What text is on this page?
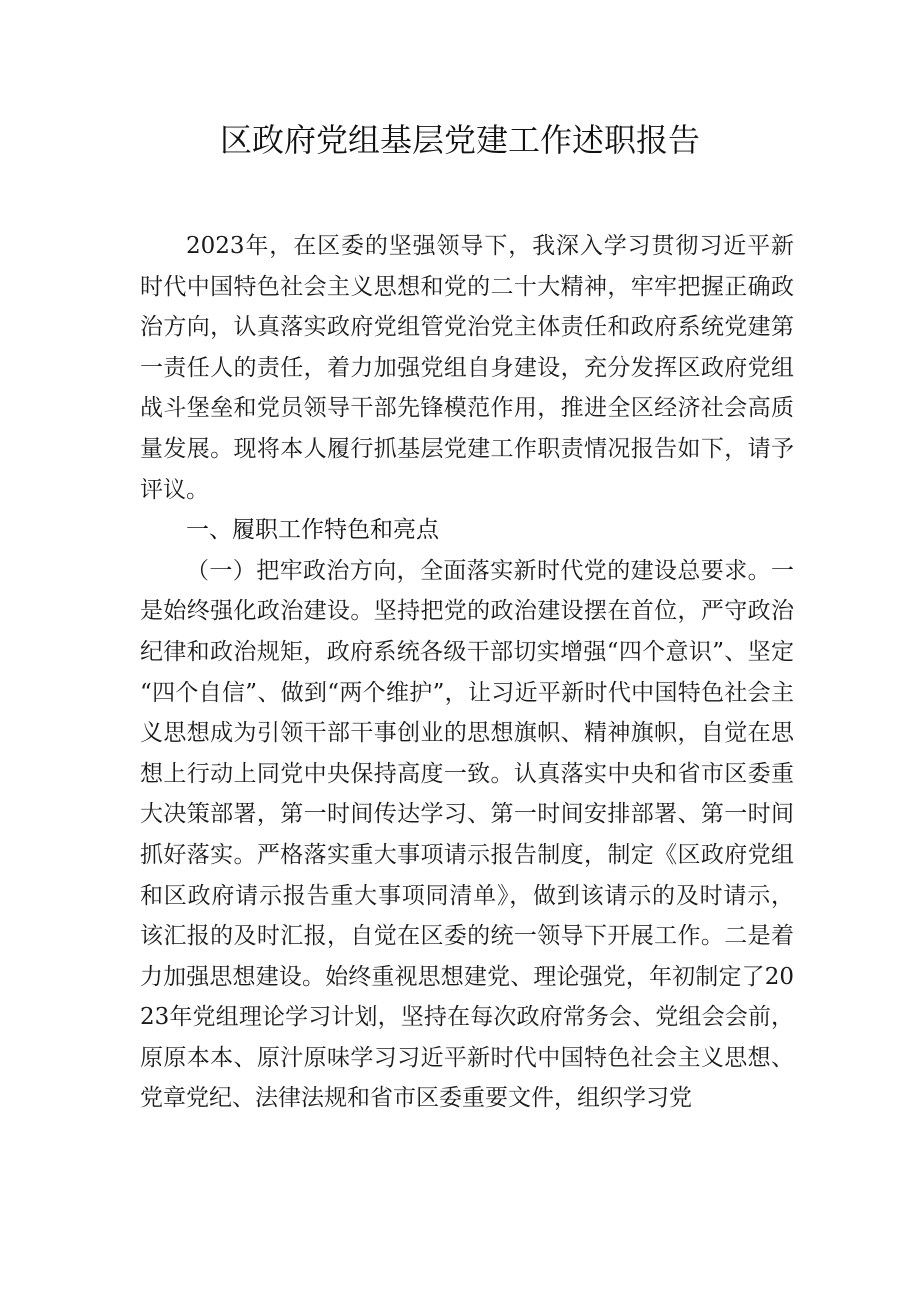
区政府党组基层党建工作述职报告

2023年，在区委的坚强领导下，我深入学习贯彻习近平新时代中国特色社会主义思想和党的二十大精神，牢牢把握正确政治方向，认真落实政府党组管党治党主体责任和政府系统党建第一责任人的责任，着力加强党组自身建设，充分发挥区政府党组战斗堡垒和党员领导干部先锋模范作用，推进全区经济社会高质量发展。现将本人履行抓基层党建工作职责情况报告如下，请予评议。

一、履职工作特色和亮点

（一）把牢政治方向，全面落实新时代党的建设总要求。一是始终强化政治建设。坚持把党的政治建设摆在首位，严守政治纪律和政治规矩，政府系统各级干部切实增强“四个意识”、坚定“四个自信”、做到“两个维护”，让习近平新时代中国特色社会主义思想成为引领干部干事创业的思想旗帜、精神旗帜，自觉在思想上行动上同党中央保持高度一致。认真落实中央和省市区委重大决策部署，第一时间传达学习、第一时间安排部署、第一时间抓好落实。严格落实重大事项请示报告制度，制定《区政府党组和区政府请示报告重大事项同清单》，做到该请示的及时请示，该汇报的及时汇报，自觉在区委的统一领导下开展工作。二是着力加强思想建设。始终重视思想建党、理论强党，年初制定了2023年党组理论学习计划，坚持在每次政府常务会、党组会会前，原原本本、原汁原味学习习近平新时代中国特色社会主义思想、党章党纪、法律法规和省市区委重要文件，组织学习党
